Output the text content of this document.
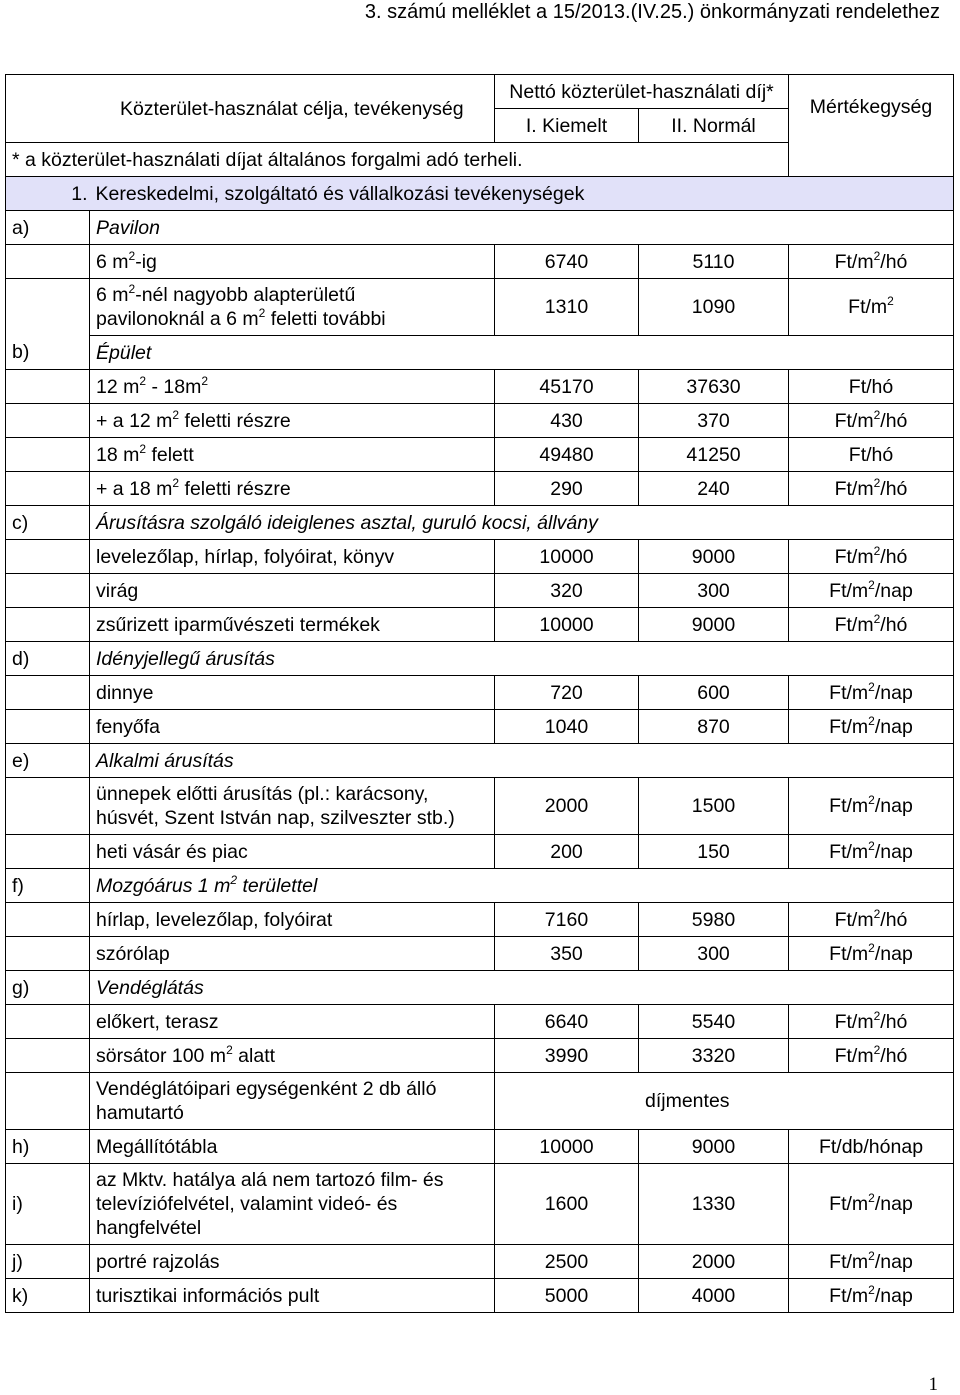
3. számú melléklet a 15/2013.(IV.25.) önkormányzati rendelethez
	Közterület-használat célja, tevékenység	Nettó közterület-használati díj*		Mértékegység
		I. Kiemelt	II. Normál	
* a közterület-használati díjat általános forgalmi adó terheli.				
1.	Kereskedelmi, szolgáltató és vállalkozási tevékenységek			
a)	Pavilon			
	6 $m^2-ig$	6740	5110	$Ft/m^2/hó$

	6 $m^2$-nél nagyobb alapterületű
pavilonoknál a 6 $m^2$ feletti további	1310	1090	$Ft/m^2$
b)	Épület			
	12 $m^2 - 18m^2$	45170	37630	Ft/hó
	+ a 12 $m^2$ feletti részre	430	370	$Ft/m^2/hó$
	18 $m^2$ felett	49480	41250	Ft/hó
	+ a 18 $m^2$ feletti részre	290	240	$Ft/m^2/hó$
c)	Árusításra szolgáló ideiglenes asztal, guruló kocsi, állvány			
	levelezőlap, hírlap, folyóirat, könyv	10000	9000	$Ft/m^2/hó$
	virág	320	300	$Ft/m^2$/nap
	zsűrizett iparművészeti termékek	10000	9000	$Ft/m^2/hó$
d)	Idényjellegű árusítás			
	dinnye	720	600	$Ft/m^2$/nap
	fenyőfa	1040	870	$Ft/m^2$/nap
e)	Alkalmi árusítás			

	ünnepek előtti árusítás (pl.: karácsony,
húsvét, Szent István nap, szilveszter stb.)	2000	1500	$Ft/m^2$/nap
	heti vásár és piac	200	150	$Ft/m^2$/nap
f)	Mozgóárus 1 $m^2$ területtel			
	hírlap, levelezőlap, folyóirat	7160	5980	$Ft/m^2/hó$
	szórólap	350	300	$Ft/m^2$/nap
g)	Vendéglátás			
	előkert, terasz	6640	5540	$Ft/m^2/hó$
	sörsátor 100 $m^2$ alatt	3990	3320	$Ft/m^2/hó$

	Vendéglátóipari egységenként 2 db álló
hamutartó	díjmentes		
h)	Megállítótábla	10000	9000	Ft/db/hónap
i)	az Mktv. hatálya alá nem tartozó film- és
televíziófelvétel, valamint videó- és
hangfelvétel	1600	1330	$Ft/m^2$/nap
j)	portré rajzolás	2500	2000	$Ft/m^2$/nap
k)	turisztikai információs pult	5000	4000	$Ft/m^2$/nap
1
